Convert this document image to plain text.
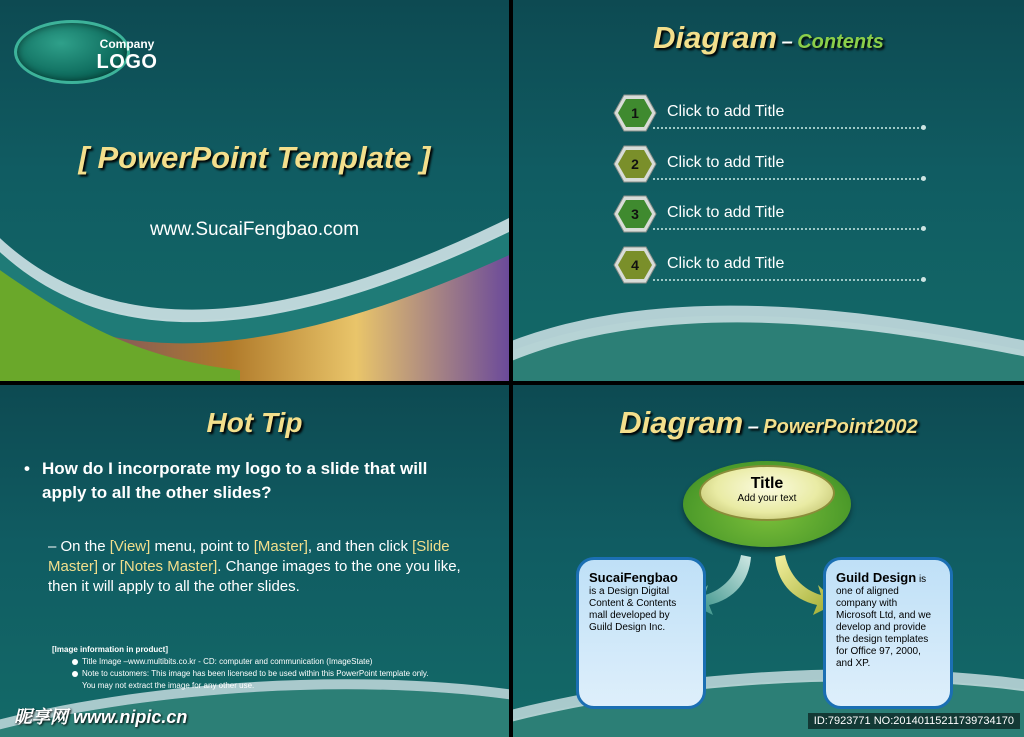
Company
LOGO
[ PowerPoint Template ]
www.SucaiFengbao.com
Diagram – Contents
1 Click to add Title
2 Click to add Title
3 Click to add Title
4 Click to add Title
Hot Tip
• How do I incorporate my logo to a slide that will apply to all the other slides?
– On the [View] menu, point to [Master], and then click [Slide Master] or [Notes Master]. Change images to the one you like, then it will apply to all the other slides.
[Image information in product]
Title Image –www.multibits.co.kr - CD: computer and communication (ImageState)
Note to customers: This image has been licensed to be used within this PowerPoint template only.
You may not extract the image for any other use.
昵享网 www.nipic.cn
Diagram – PowerPoint2002
Title
Add your text
SucaiFengbao
is a Design Digital Content & Contents mall developed by Guild Design Inc.
Guild Design is one of aligned company with Microsoft Ltd, and we develop and provide the design templates for Office 97, 2000, and XP.
ID:7923771 NO:20140115211739734170
